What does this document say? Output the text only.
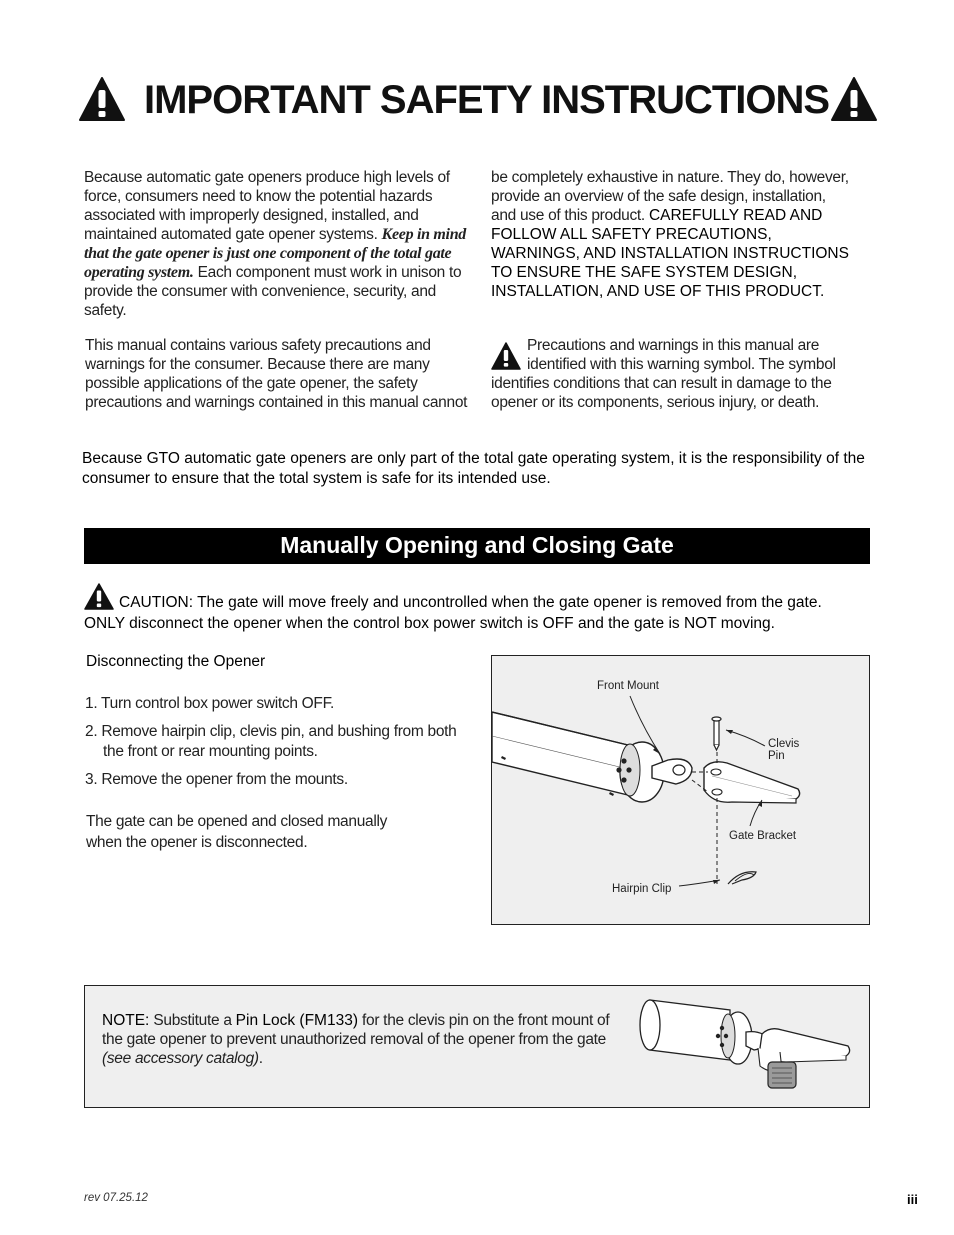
IMPORTANT SAFETY INSTRUCTIONS
Because automatic gate openers produce high levels of force, consumers need to know the potential hazards associated with improperly designed, installed, and maintained automated gate opener systems. Keep in mind that the gate opener is just one component of the total gate operating system. Each component must work in unison to provide the consumer with convenience, security, and safety.
This manual contains various safety precautions and warnings for the consumer. Because there are many possible applications of the gate opener, the safety precautions and warnings contained in this manual cannot
be completely exhaustive in nature. They do, however, provide an overview of the safe design, installation, and use of this product. CAREFULLY READ AND FOLLOW ALL SAFETY PRECAUTIONS, WARNINGS, AND INSTALLATION INSTRUCTIONS TO ENSURE THE SAFE SYSTEM DESIGN, INSTALLATION, AND USE OF THIS PRODUCT.
Precautions and warnings in this manual are identified with this warning symbol. The symbol identifies conditions that can result in damage to the opener or its components, serious injury, or death.
Because GTO automatic gate openers are only part of the total gate operating system, it is the responsibility of the consumer to ensure that the total system is safe for its intended use.
Manually Opening and Closing Gate
CAUTION: The gate will move freely and uncontrolled when the gate opener is removed from the gate. ONLY disconnect the opener when the control box power switch is OFF and the gate is NOT moving.
Disconnecting the Opener
1. Turn control box power switch OFF.
2. Remove hairpin clip, clevis pin, and bushing from both the front or rear mounting points.
3. Remove the opener from the mounts.
The gate can be opened and closed manually when the opener is disconnected.
Front Mount
Clevis
Pin
Gate Bracket
Hairpin Clip
NOTE: Substitute a Pin Lock (FM133) for the clevis pin on the front mount of the gate opener to prevent unauthorized removal of the opener from the gate (see accessory catalog).
rev 07.25.12	iii
